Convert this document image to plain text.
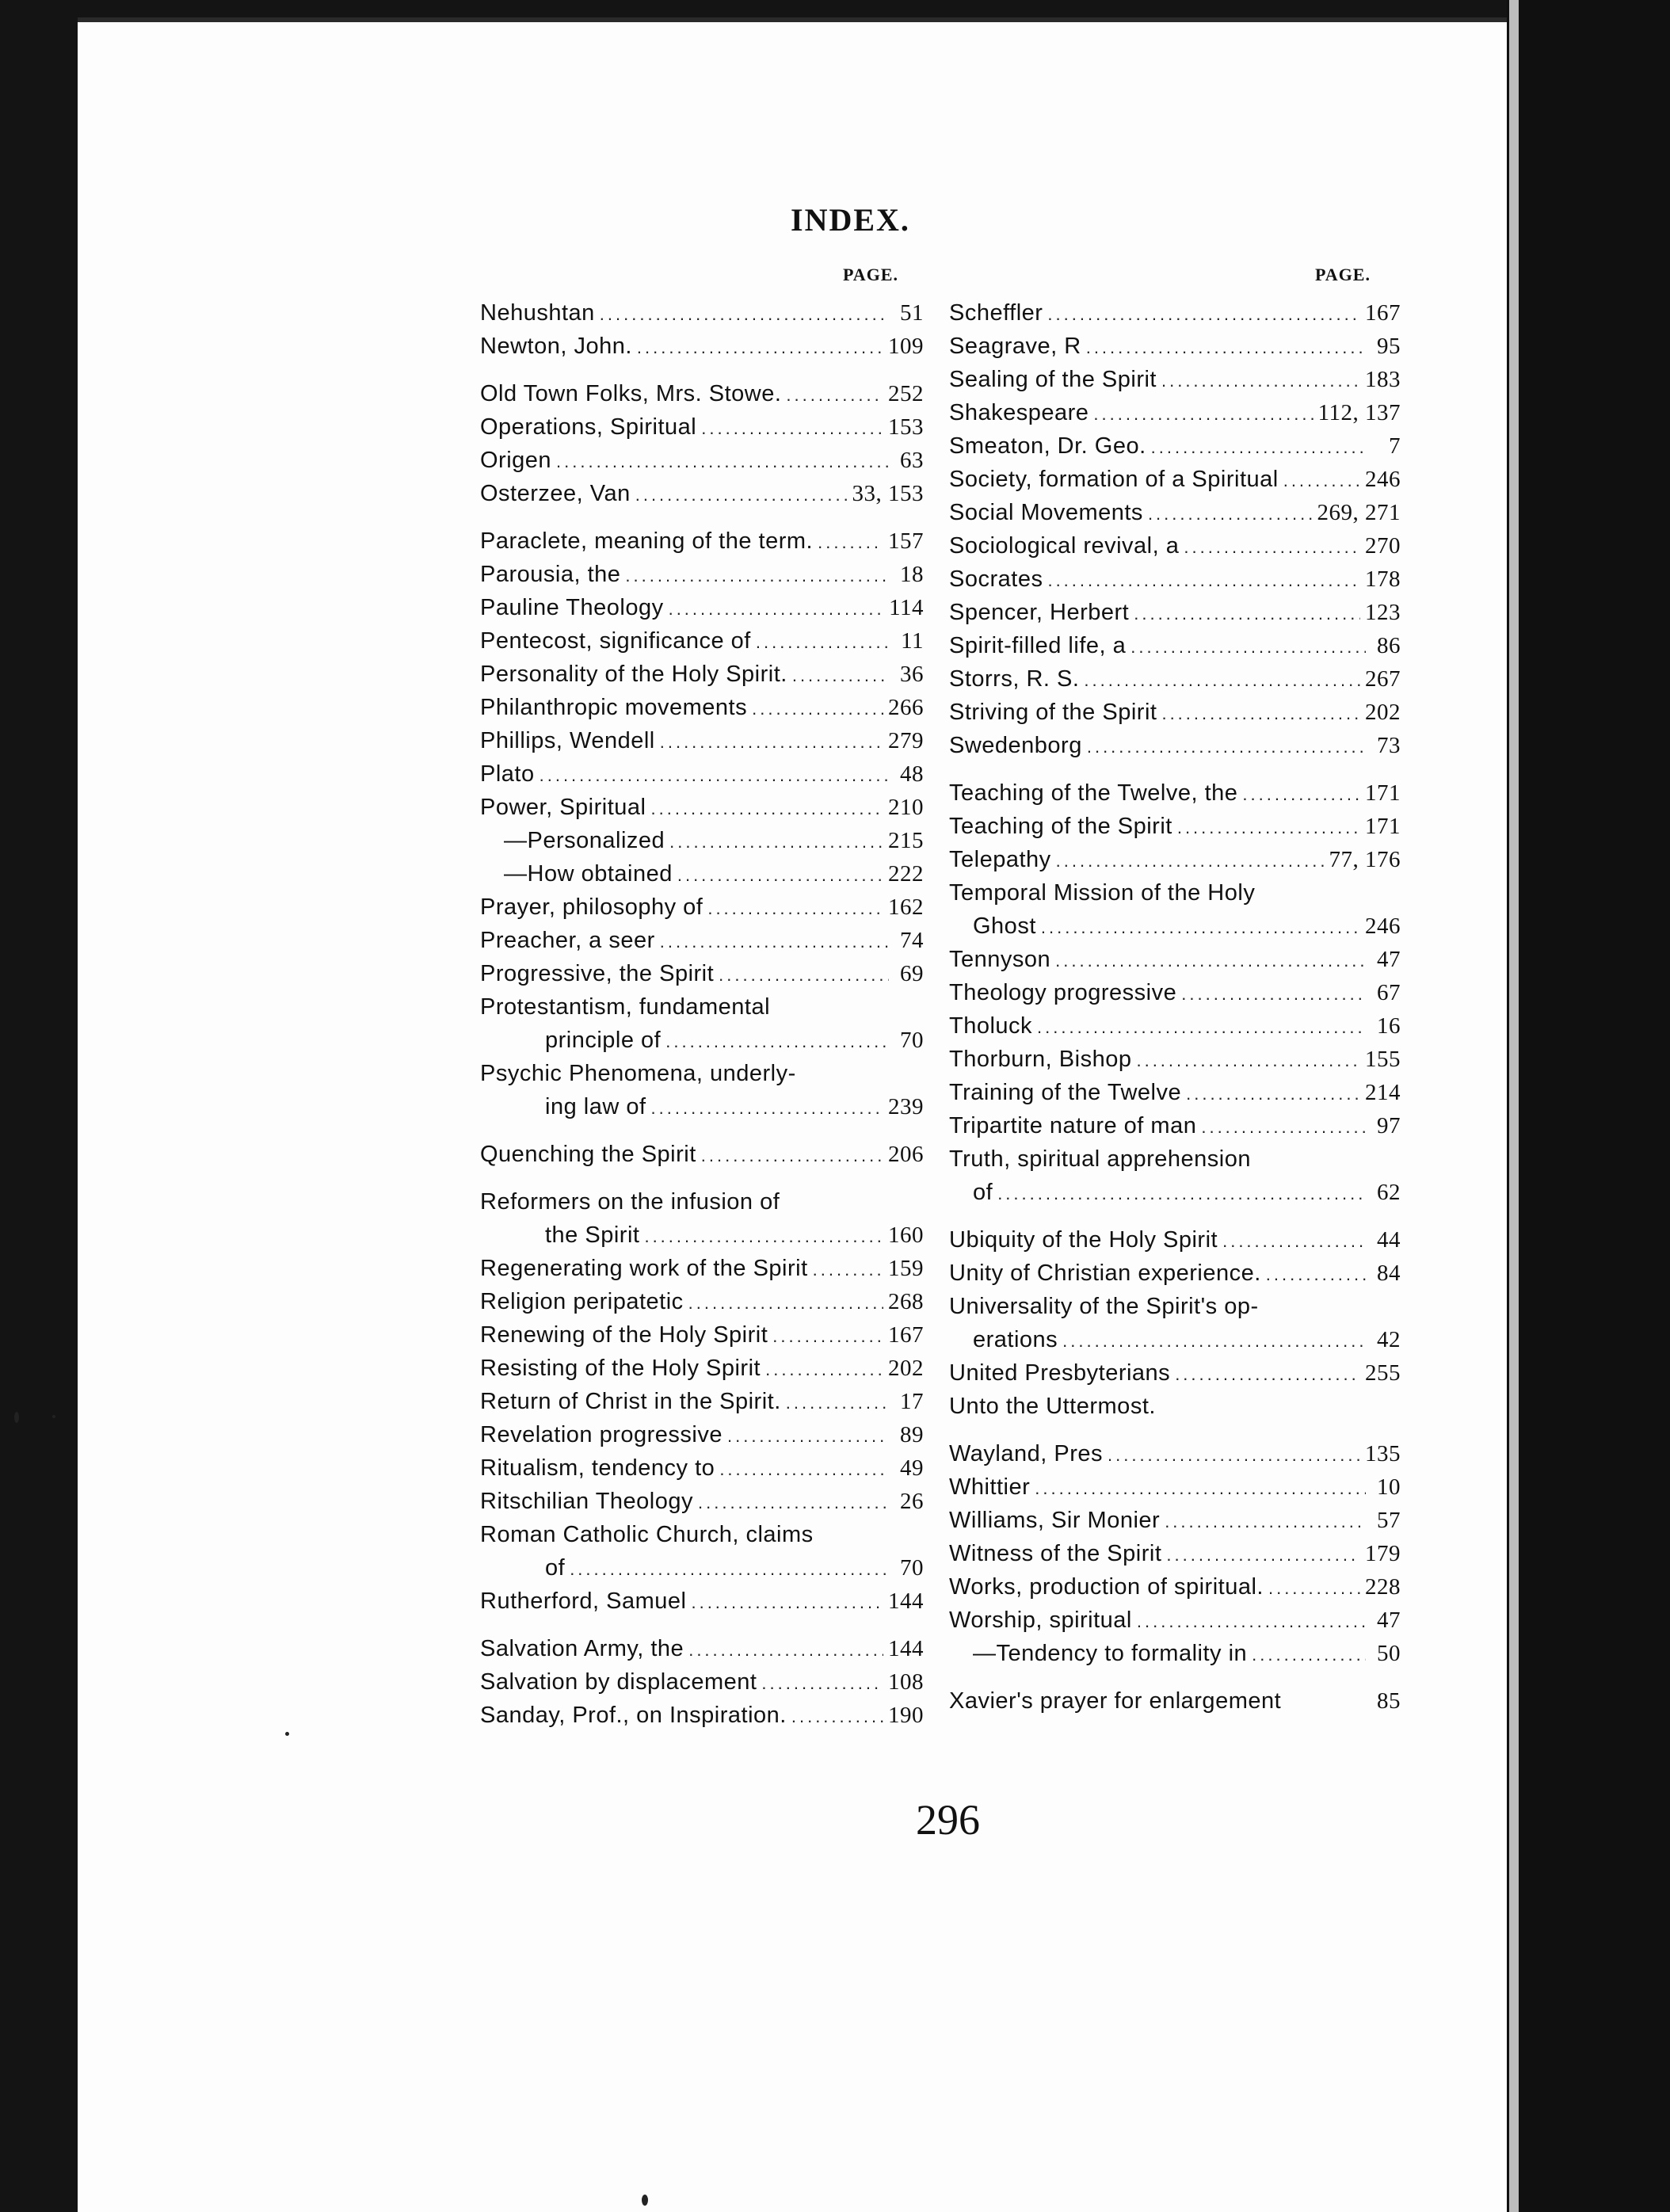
INDEX.
PAGE.	PAGE.
Nehushtan .....	51
Newton, John. .....	109
Old Town Folks, Mrs. Stowe. .....	252
Operations, Spiritual .....	153
Origen .....	63
Osterzee, Van .....	33, 153
Paraclete, meaning of the term. .....	157
Parousia, the .....	18
Pauline Theology .....	114
Pentecost, significance of .....	11
Personality of the Holy Spirit. .....	36
Philanthropic movements .....	266
Phillips, Wendell .....	279
Plato .....	48
Power, Spiritual .....	210
—Personalized .....	215
—How obtained .....	222
Prayer, philosophy of .....	162
Preacher, a seer .....	74
Progressive, the Spirit .....	69
Protestantism, fundamental
principle of .....	70
Psychic Phenomena, underly-
ing law of .....	239
Quenching the Spirit .....	206
Reformers on the infusion of
the Spirit .....	160
Regenerating work of the Spirit .....	159
Religion peripatetic .....	268
Renewing of the Holy Spirit .....	167
Resisting of the Holy Spirit .....	202
Return of Christ in the Spirit. .....	17
Revelation progressive .....	89
Ritualism, tendency to .....	49
Ritschilian Theology .....	26
Roman Catholic Church, claims
of .....	70
Rutherford, Samuel .....	144
Salvation Army, the .....	144
Salvation by displacement .....	108
Sanday, Prof., on Inspiration. .....	190
Scheffler .....	167
Seagrave, R .....	95
Sealing of the Spirit .....	183
Shakespeare .....	112, 137
Smeaton, Dr. Geo. .....	7
Society, formation of a Spiritual .....	246
Social Movements .....	269, 271
Sociological revival, a .....	270
Socrates .....	178
Spencer, Herbert .....	123
Spirit-filled life, a .....	86
Storrs, R. S. .....	267
Striving of the Spirit .....	202
Swedenborg .....	73
Teaching of the Twelve, the .....	171
Teaching of the Spirit .....	171
Telepathy .....	77, 176
Temporal Mission of the Holy
Ghost .....	246
Tennyson .....	47
Theology progressive .....	67
Tholuck .....	16
Thorburn, Bishop .....	155
Training of the Twelve .....	214
Tripartite nature of man .....	97
Truth, spiritual apprehension
of .....	62
Ubiquity of the Holy Spirit .....	44
Unity of Christian experience. .....	84
Universality of the Spirit's op-
erations .....	42
United Presbyterians .....	255
Unto the Uttermost.
Wayland, Pres .....	135
Whittier .....	10
Williams, Sir Monier .....	57
Witness of the Spirit .....	179
Works, production of spiritual. .....	228
Worship, spiritual .....	47
—Tendency to formality in .....	50
Xavier's prayer for enlargement	85
296
